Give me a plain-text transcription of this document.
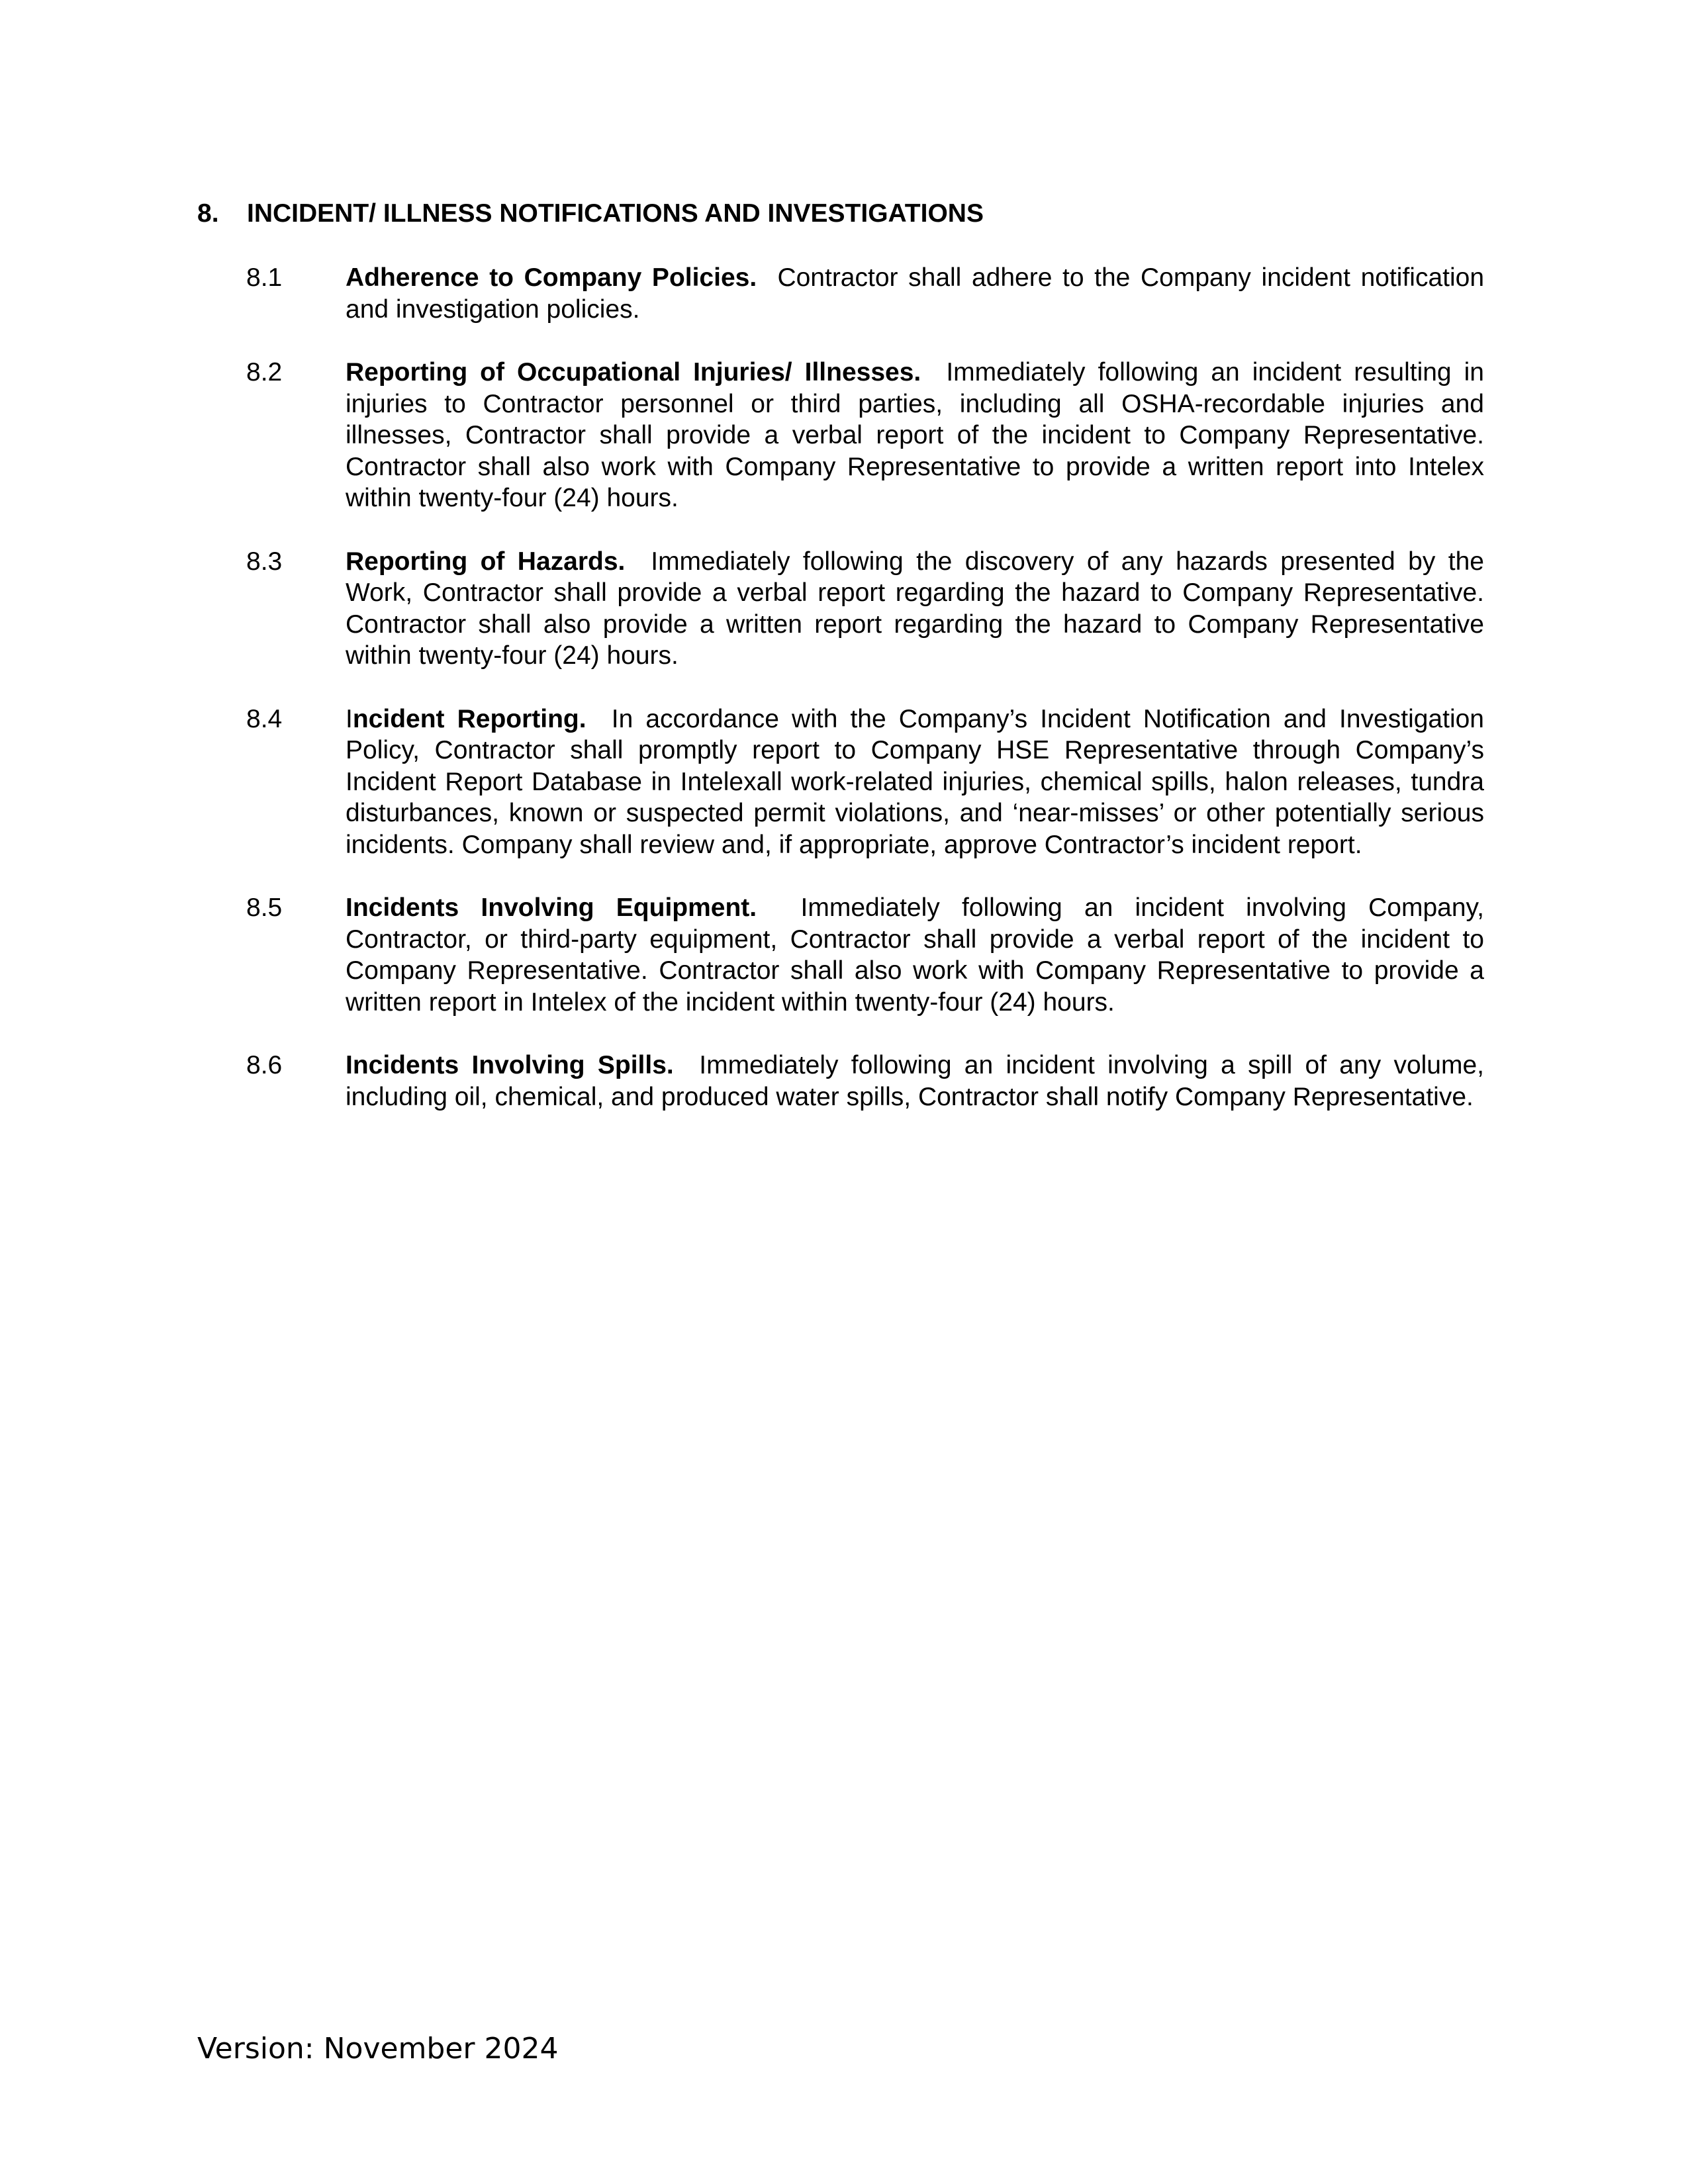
8. INCIDENT/ ILLNESS NOTIFICATIONS AND INVESTIGATIONS
8.1 Adherence to Company Policies. Contractor shall adhere to the Company incident notification and investigation policies.
8.2 Reporting of Occupational Injuries/ Illnesses. Immediately following an incident resulting in injuries to Contractor personnel or third parties, including all OSHA-recordable injuries and illnesses, Contractor shall provide a verbal report of the incident to Company Representative. Contractor shall also work with Company Representative to provide a written report into Intelex within twenty-four (24) hours.
8.3 Reporting of Hazards. Immediately following the discovery of any hazards presented by the Work, Contractor shall provide a verbal report regarding the hazard to Company Representative. Contractor shall also provide a written report regarding the hazard to Company Representative within twenty-four (24) hours.
8.4 Incident Reporting. In accordance with the Company’s Incident Notification and Investigation Policy, Contractor shall promptly report to Company HSE Representative through Company’s Incident Report Database in Intelexall work-related injuries, chemical spills, halon releases, tundra disturbances, known or suspected permit violations, and ‘near-misses’ or other potentially serious incidents. Company shall review and, if appropriate, approve Contractor’s incident report.
8.5 Incidents Involving Equipment. Immediately following an incident involving Company, Contractor, or third-party equipment, Contractor shall provide a verbal report of the incident to Company Representative. Contractor shall also work with Company Representative to provide a written report in Intelex of the incident within twenty-four (24) hours.
8.6 Incidents Involving Spills. Immediately following an incident involving a spill of any volume, including oil, chemical, and produced water spills, Contractor shall notify Company Representative.
Version: November 2024
